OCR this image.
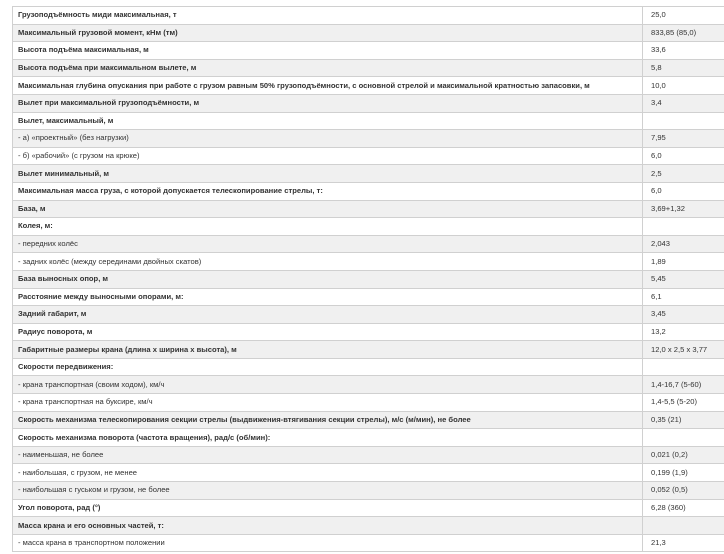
Грузоподъёмность миди максимальная, т	25,0
Максимальный грузовой момент, кНм (тм)	833,85 (85,0)
Высота подъёма максимальная, м	33,6
Высота подъёма при максимальном вылете, м	5,8
Максимальная глубина опускания при работе с грузом равным 50% грузоподъёмности, с основной стрелой и максимальной кратностью запасовки, м	10,0
Вылет при максимальной грузоподъёмности, м	3,4
Вылет, максимальный, м	
- а) «проектный» (без нагрузки)	7,95
- б) «рабочий» (с грузом на крюке)	6,0
Вылет минимальный, м	2,5
Максимальная масса груза, с которой допускается телескопирование стрелы, т:	6,0
База, м	3,69+1,32
Колея, м:	
- передних колёс	2,043
- задних колёс (между серединами двойных скатов)	1,89
База выносных опор, м	5,45
Расстояние между выносными опорами, м:	6,1
Задний габарит, м	3,45
Радиус поворота, м	13,2
Габаритные размеры крана (длина х ширина х высота), м	12,0 х 2,5 х 3,77
Скорости передвижения:	
- крана транспортная (своим ходом), км/ч	1,4-16,7 (5-60)
- крана транспортная на буксире, км/ч	1,4-5,5 (5-20)
Скорость механизма телескопирования секции стрелы (выдвижения-втягивания секции стрелы), м/с (м/мин), не более	0,35 (21)
Скорость механизма поворота (частота вращения), рад/с (об/мин):	
- наименьшая, не более	0,021 (0,2)
- наибольшая, с грузом, не менее	0,199 (1,9)
- наибольшая с гуськом и грузом, не более	0,052 (0,5)
Угол поворота, рад (°)	6,28 (360)
Масса крана и его основных частей, т:	
- масса крана в транспортном положении	21,3
